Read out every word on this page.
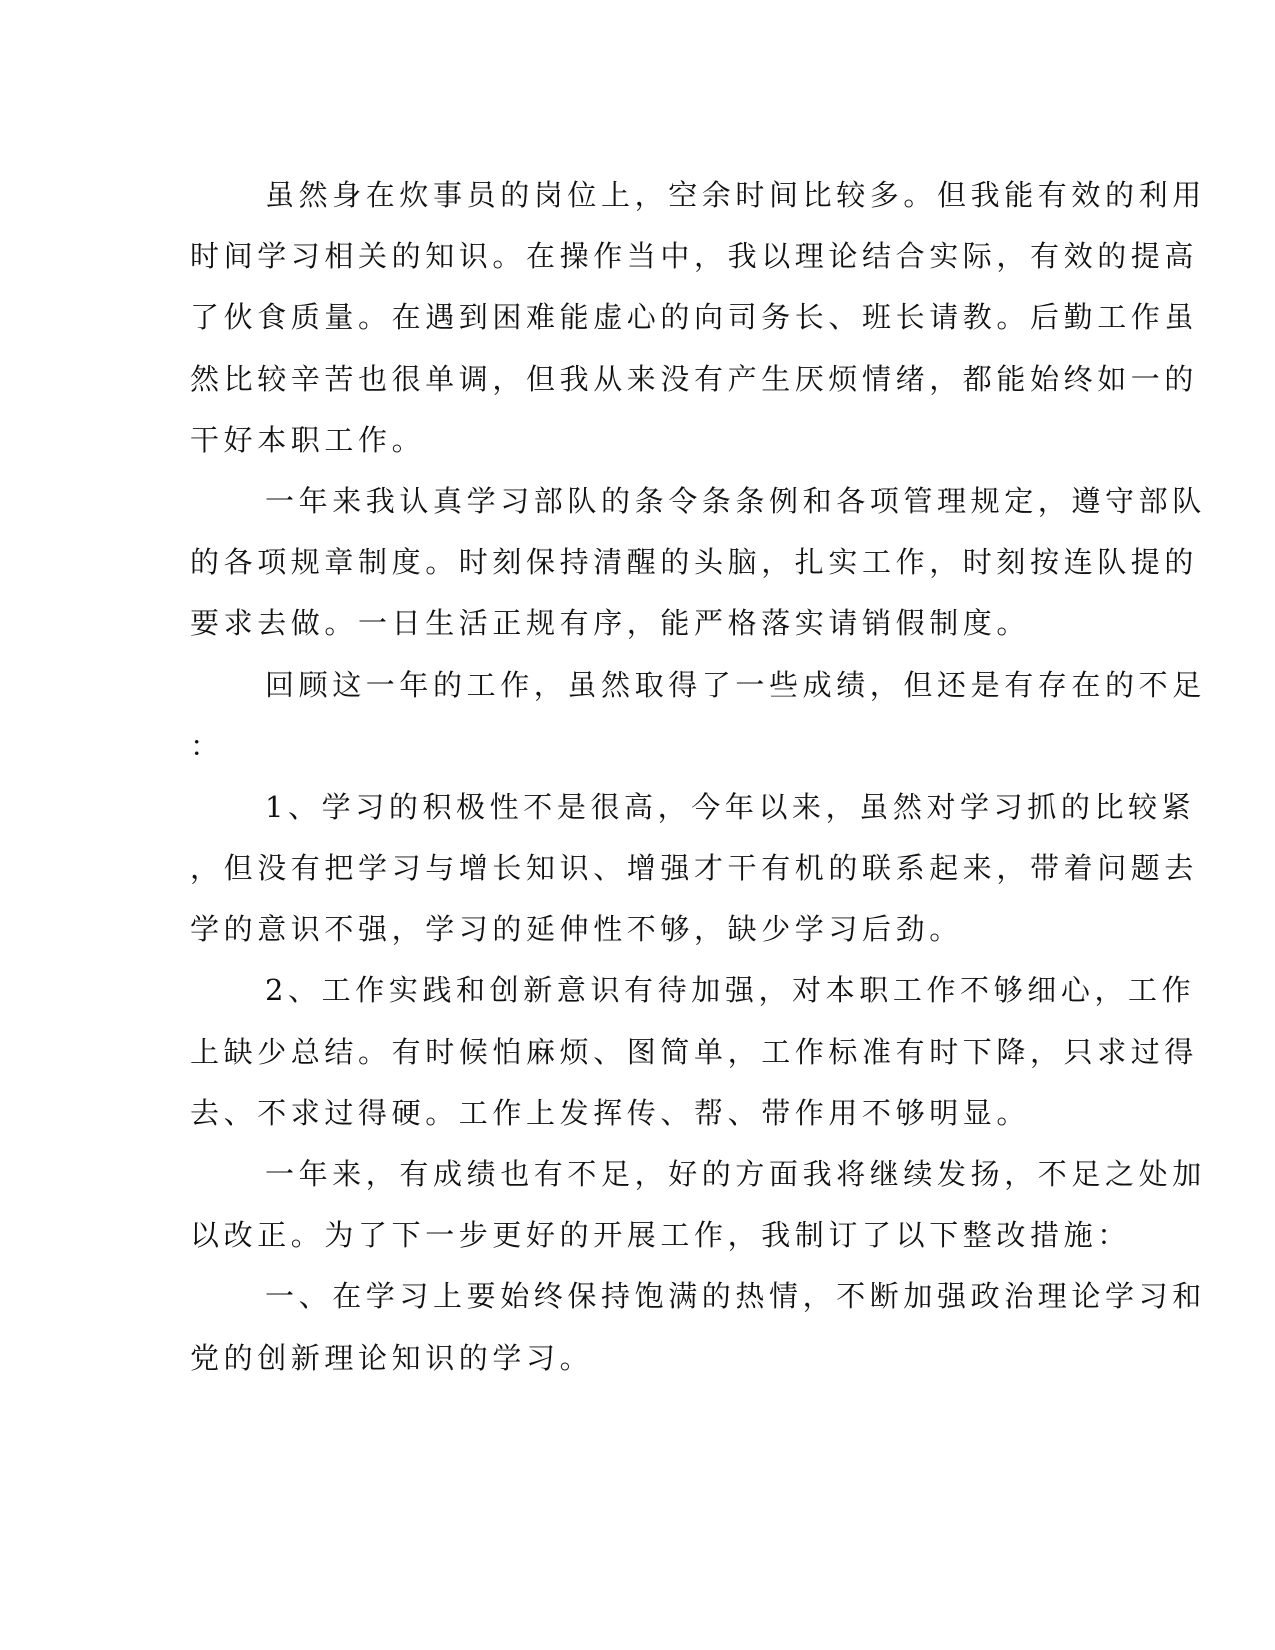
虽然身在炊事员的岗位上，空余时间比较多。但我能有效的利用
时间学习相关的知识。在操作当中，我以理论结合实际，有效的提高
了伙食质量。在遇到困难能虚心的向司务长、班长请教。后勤工作虽
然比较辛苦也很单调，但我从来没有产生厌烦情绪，都能始终如一的
干好本职工作。
一年来我认真学习部队的条令条条例和各项管理规定，遵守部队
的各项规章制度。时刻保持清醒的头脑，扎实工作，时刻按连队提的
要求去做。一日生活正规有序，能严格落实请销假制度。
回顾这一年的工作，虽然取得了一些成绩，但还是有存在的不足
：
1、学习的积极性不是很高，今年以来，虽然对学习抓的比较紧
，但没有把学习与增长知识、增强才干有机的联系起来，带着问题去
学的意识不强，学习的延伸性不够，缺少学习后劲。
2、工作实践和创新意识有待加强，对本职工作不够细心，工作
上缺少总结。有时候怕麻烦、图简单，工作标准有时下降，只求过得
去、不求过得硬。工作上发挥传、帮、带作用不够明显。
一年来，有成绩也有不足，好的方面我将继续发扬，不足之处加
以改正。为了下一步更好的开展工作，我制订了以下整改措施：
一、在学习上要始终保持饱满的热情，不断加强政治理论学习和
党的创新理论知识的学习。
